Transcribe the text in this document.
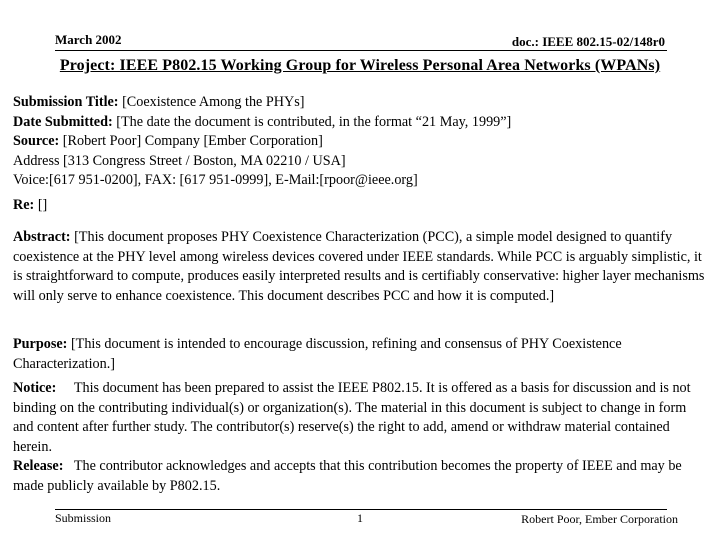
March 2002	doc.: IEEE 802.15-02/148r0
Project: IEEE P802.15 Working Group for Wireless Personal Area Networks (WPANs)

Submission Title: [Coexistence Among the PHYs]

Date Submitted: [The date the document is contributed, in the format “21 May, 1999”]

Source: [Robert Poor] Company [Ember Corporation]

Address [313 Congress Street / Boston, MA 02210 / USA]

Voice:[617 951-0200], FAX: [617 951-0999], E-Mail:[rpoor@ieee.org]

Re: []

Abstract: [This document proposes PHY Coexistence Characterization (PCC), a simple model designed to quantify coexistence at the PHY level among wireless devices covered under IEEE standards. While PCC is arguably simplistic, it is straightforward to compute, produces easily interpreted results and is certifiably conservative: higher layer mechanisms will only serve to enhance coexistence. This document describes PCC and how it is computed.]

Purpose: [This document is intended to encourage discussion, refining and consensus of PHY Coexistence Characterization.]

Notice: This document has been prepared to assist the IEEE P802.15. It is offered as a basis for discussion and is not binding on the contributing individual(s) or organization(s). The material in this document is subject to change in form and content after further study. The contributor(s) reserve(s) the right to add, amend or withdraw material contained herein.

Release: The contributor acknowledges and accepts that this contribution becomes the property of IEEE and may be made publicly available by P802.15.

Submission	1	Robert Poor, Ember Corporation
